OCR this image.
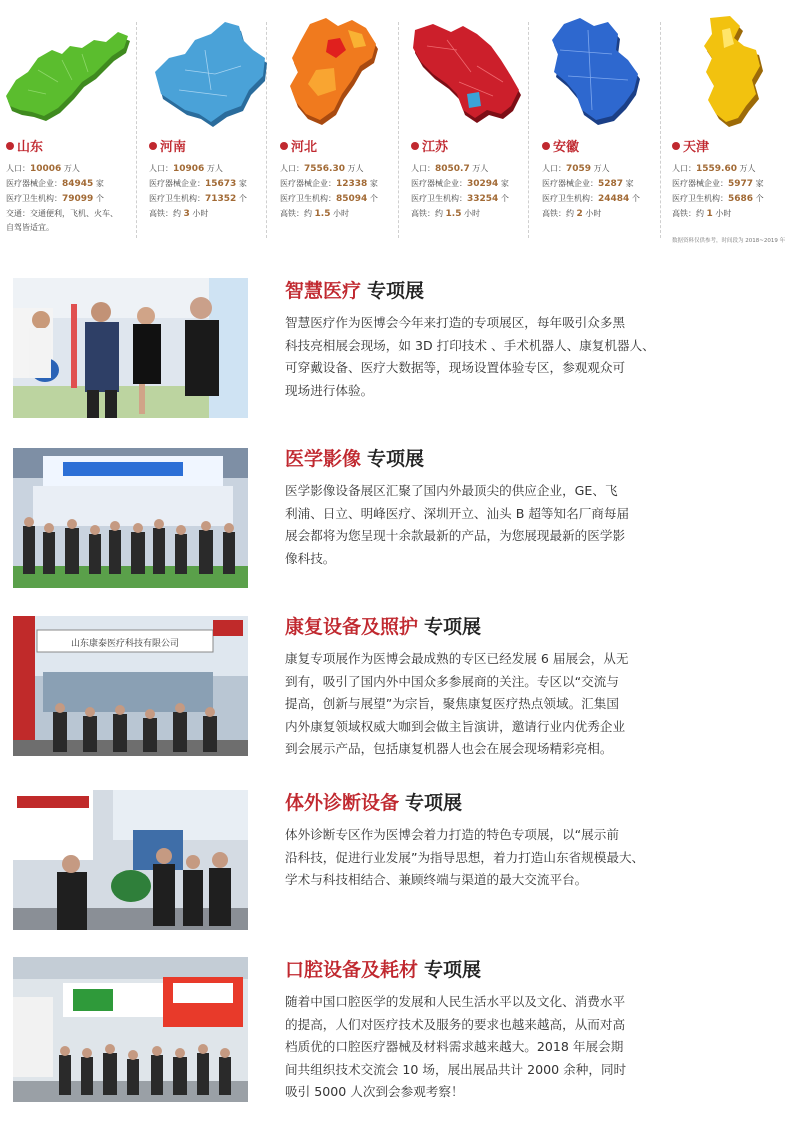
山东
人口：10006 万人
医疗器械企业：84945 家
医疗卫生机构：79099 个
交通：交通便利，飞机、火车、
自驾皆适宜。
河南
人口：10906 万人
医疗器械企业：15673 家
医疗卫生机构：71352 个
高铁：约 3 小时
河北
人口：7556.30 万人
医疗器械企业：12338 家
医疗卫生机构：85094 个
高铁：约 1.5 小时
江苏
人口：8050.7 万人
医疗器械企业：30294 家
医疗卫生机构：33254 个
高铁：约 1.5 小时
安徽
人口：7059 万人
医疗器械企业：5287 家
医疗卫生机构：24484 个
高铁：约 2 小时
天津
人口：1559.60 万人
医疗器械企业：5977 家
医疗卫生机构：5686 个
高铁：约 1 小时
数据资料仅供参考，时间段为 2018~2019 年
智慧医疗 专项展
智慧医疗作为医博会今年来打造的专项展区，每年吸引众多黑
科技亮相展会现场，如 3D 打印技术 、手术机器人、康复机器人、
可穿戴设备、医疗大数据等，现场设置体验专区，参观观众可
现场进行体验。
医学影像 专项展
医学影像设备展区汇聚了国内外最顶尖的供应企业，GE、飞
利浦、日立、明峰医疗、深圳开立、汕头 B 超等知名厂商每届
展会都将为您呈现十余款最新的产品，为您展现最新的医学影
像科技。
山东康泰医疗科技有限公司
康复设备及照护 专项展
康复专项展作为医博会最成熟的专区已经发展 6 届展会，从无
到有，吸引了国内外中国众多参展商的关注。专区以“交流与
提高，创新与展望”为宗旨，聚焦康复医疗热点领域。汇集国
内外康复领域权威大咖到会做主旨演讲，邀请行业内优秀企业
到会展示产品，包括康复机器人也会在展会现场精彩亮相。
体外诊断设备 专项展
体外诊断专区作为医博会着力打造的特色专项展，以“展示前
沿科技，促进行业发展”为指导思想，着力打造山东省规模最大、
学术与科技相结合、兼顾终端与渠道的最大交流平台。
口腔设备及耗材 专项展
随着中国口腔医学的发展和人民生活水平以及文化、消费水平
的提高，人们对医疗技术及服务的要求也越来越高，从而对高
档质优的口腔医疗器械及材料需求越来越大。2018 年展会期
间共组织技术交流会 10 场，展出展品共计 2000 余种，同时
吸引 5000 人次到会参观考察！
